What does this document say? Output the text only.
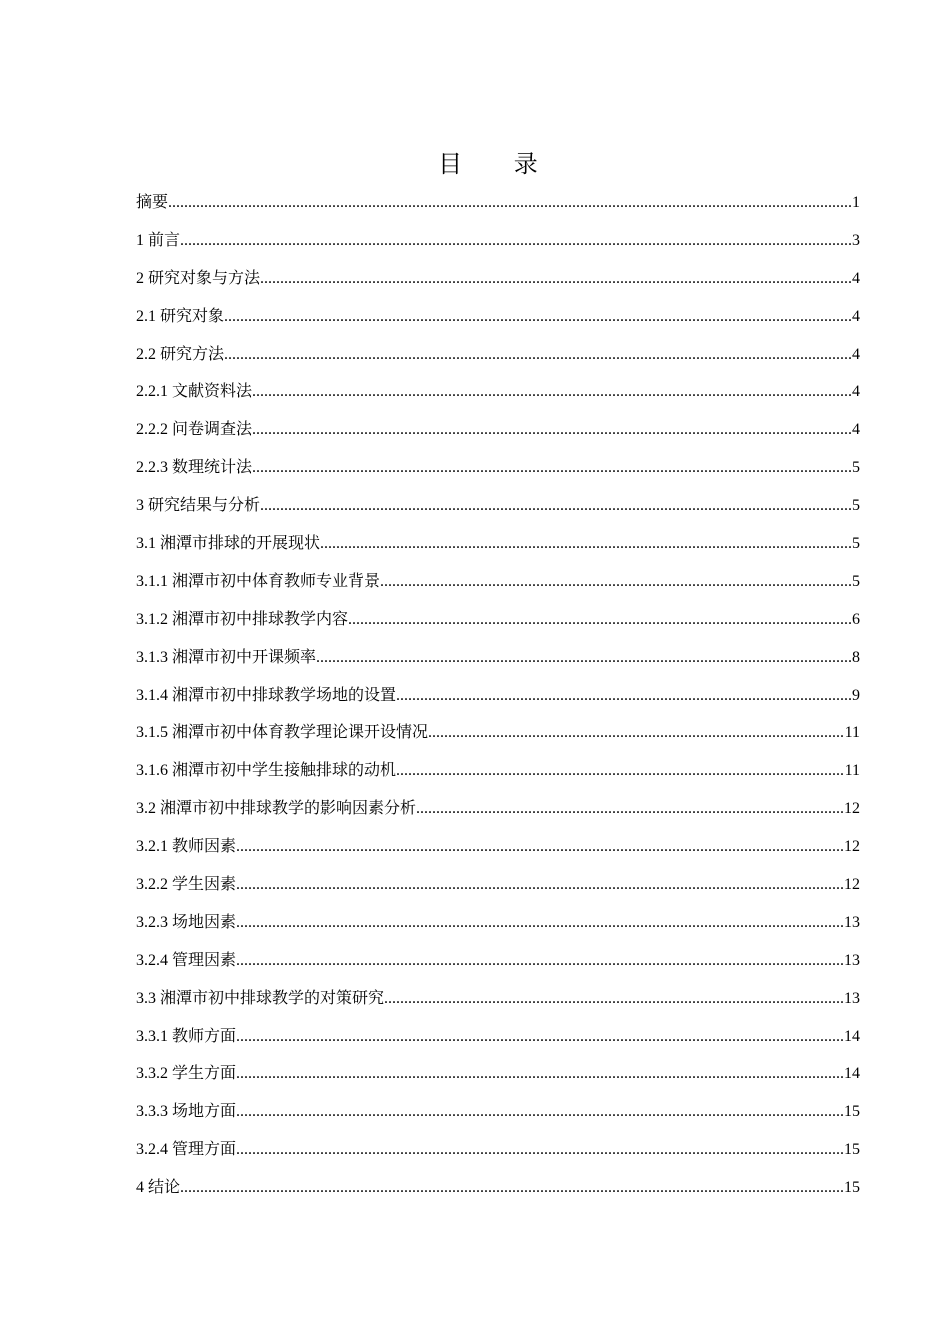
目 录
摘要 .....	1
1 前言 .....	3
2 研究对象与方法 .....	4
2.1 研究对象 .....	4
2.2 研究方法 .....	4
2.2.1 文献资料法 .....	4
2.2.2 问卷调查法 .....	4
2.2.3 数理统计法 .....	5
3 研究结果与分析 .....	5
3.1 湘潭市排球的开展现状 .....	5
3.1.1 湘潭市初中体育教师专业背景 .....	5
3.1.2 湘潭市初中排球教学内容 .....	6
3.1.3 湘潭市初中开课频率 .....	8
3.1.4 湘潭市初中排球教学场地的设置 .....	9
3.1.5 湘潭市初中体育教学理论课开设情况 .....	11
3.1.6 湘潭市初中学生接触排球的动机 .....	11
3.2 湘潭市初中排球教学的影响因素分析 .....	12
3.2.1 教师因素 .....	12
3.2.2 学生因素 .....	12
3.2.3 场地因素 .....	13
3.2.4 管理因素 .....	13
3.3 湘潭市初中排球教学的对策研究 .....	13
3.3.1 教师方面 .....	14
3.3.2 学生方面 .....	14
3.3.3 场地方面 .....	15
3.2.4 管理方面 .....	15
4 结论 .....	15
